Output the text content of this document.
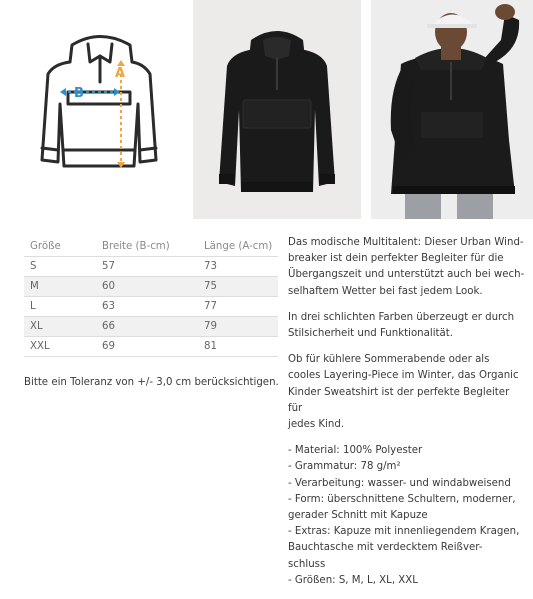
A
B
Größe	Breite (B-cm)	Länge (A-cm)
S	57	73
M	60	75
L	63	77
XL	66	79
XXL	69	81
Bitte ein Toleranz von +/- 3,0 cm berücksichtigen.

Das modische Multitalent: Dieser Urban Wind-
breaker ist dein perfekter Begleiter für die
Übergangszeit und unterstützt auch bei wech-
selhaftem Wetter bei fast jedem Look.

In drei schlichten Farben überzeugt er durch
Stilsicherheit und Funktionalität.

Ob für kühlere Sommerabende oder als
cooles Layering-Piece im Winter, das Organic
Kinder Sweatshirt ist der perfekte Begleiter für
jedes Kind.

- Material: 100% Polyester
- Grammatur: 78 g/m²
- Verarbeitung: wasser- und windabweisend
- Form: überschnittene Schultern, moderner,
gerader Schnitt mit Kapuze
- Extras: Kapuze mit innenliegendem Kragen,
Bauchtasche mit verdecktem Reißver-
schluss
- Größen: S, M, L, XL, XXL
